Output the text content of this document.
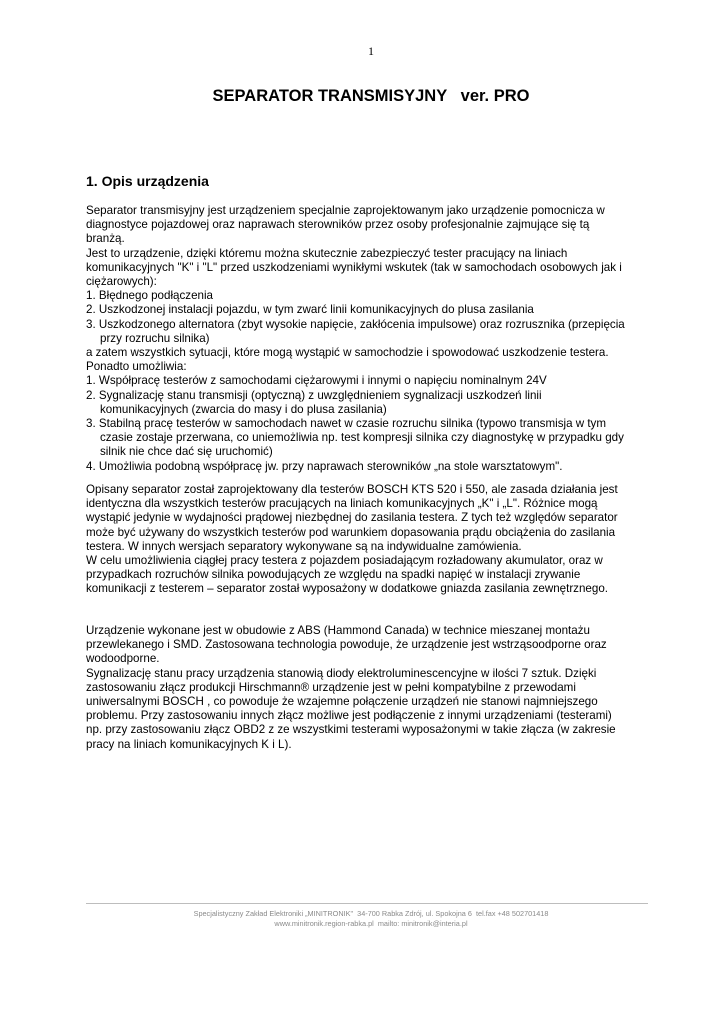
1
SEPARATOR TRANSMISYJNY   ver. PRO
1. Opis urządzenia

Separator transmisyjny jest urządzeniem specjalnie zaprojektowanym jako urządzenie pomocnicza w

diagnostyce pojazdowej oraz naprawach sterowników przez osoby profesjonalnie zajmujące się tą

branżą.

Jest to urządzenie, dzięki któremu można skutecznie zabezpieczyć tester pracujący na liniach

komunikacyjnych "K" i "L" przed uszkodzeniami wynikłymi wskutek (tak w samochodach osobowych jak i

ciężarowych):

1. Błędnego podłączenia

2. Uszkodzonej instalacji pojazdu, w tym zwarć linii komunikacyjnych do plusa zasilania

3. Uszkodzonego alternatora (zbyt wysokie napięcie, zakłócenia impulsowe) oraz rozrusznika (przepięcia

przy rozruchu silnika)

a zatem wszystkich sytuacji, które mogą wystąpić w samochodzie i spowodować uszkodzenie testera.

Ponadto umożliwia:

1. Współpracę testerów z samochodami ciężarowymi i innymi o napięciu nominalnym 24V

2. Sygnalizację stanu transmisji (optyczną) z uwzględnieniem sygnalizacji uszkodzeń linii

komunikacyjnych (zwarcia do masy i do plusa zasilania)

3. Stabilną pracę testerów w samochodach nawet w czasie rozruchu silnika (typowo transmisja w tym

czasie zostaje przerwana, co uniemożliwia np. test kompresji silnika czy diagnostykę w przypadku gdy

silnik nie chce dać się uruchomić)

4. Umożliwia podobną współpracę jw. przy naprawach sterowników „na stole warsztatowym".

Opisany separator został zaprojektowany dla testerów BOSCH KTS 520 i 550, ale zasada działania jest

identyczna dla wszystkich testerów pracujących na liniach komunikacyjnych „K" i „L". Różnice mogą

wystąpić jedynie w wydajności prądowej niezbędnej do zasilania testera. Z tych też względów separator

może być używany do wszystkich testerów pod warunkiem dopasowania prądu obciążenia do zasilania

testera. W innych wersjach separatory wykonywane są na indywidualne zamówienia.

W celu umożliwienia ciągłej pracy testera z pojazdem posiadającym rozładowany akumulator, oraz w

przypadkach rozruchów silnika powodujących ze względu na spadki napięć w instalacji zrywanie

komunikacji z testerem – separator został wyposażony w dodatkowe gniazda zasilania zewnętrznego.

Urządzenie wykonane jest w obudowie z ABS (Hammond Canada) w technice mieszanej montażu

przewlekanego i SMD. Zastosowana technologia powoduje, że urządzenie jest wstrząsoodporne oraz

wodoodporne.

Sygnalizację stanu pracy urządzenia stanowią diody elektroluminescencyjne w ilości 7 sztuk. Dzięki

zastosowaniu złącz produkcji Hirschmann® urządzenie jest w pełni kompatybilne z przewodami

uniwersalnymi BOSCH , co powoduje że wzajemne połączenie urządzeń nie stanowi najmniejszego

problemu. Przy zastosowaniu innych złącz możliwe jest podłączenie z innymi urządzeniami (testerami)

np. przy zastosowaniu złącz OBD2 z ze wszystkimi testerami wyposażonymi w takie złącza (w zakresie

pracy na liniach komunikacyjnych K i L).

Specjalistyczny Zakład Elektroniki „MINITRONIK"  34-700 Rabka Zdrój, ul. Spokojna 6  tel.fax +48 502701418
www.minitronik.region-rabka.pl  mailto: minitronik@interia.pl
